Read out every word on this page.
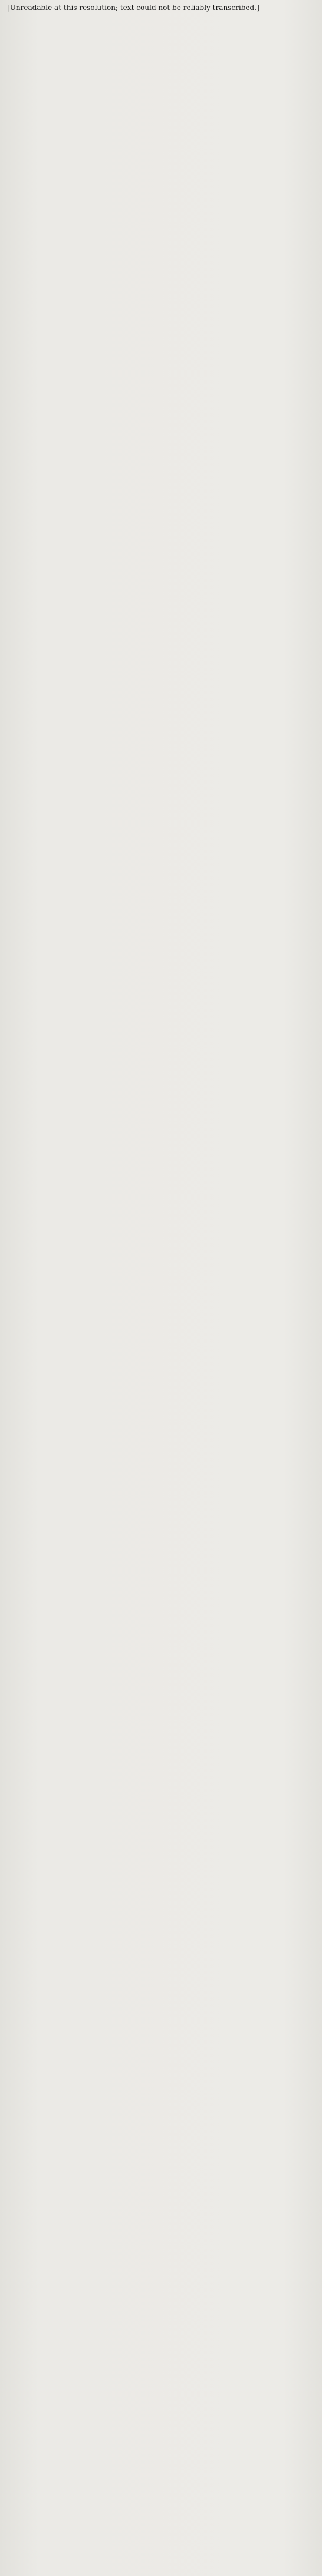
[Unreadable at this resolution; text could not be reliably transcribed.]
